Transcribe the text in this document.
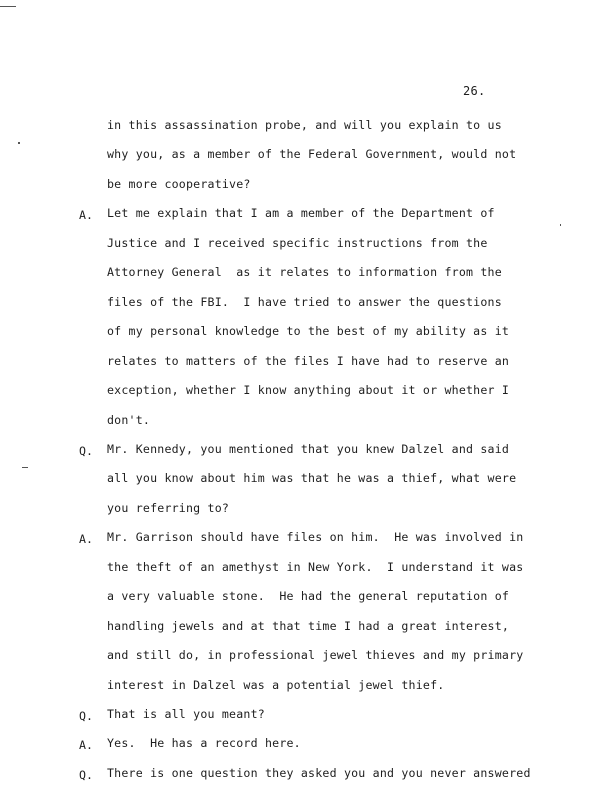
26.
in this assassination probe, and will you explain to us
why you, as a member of the Federal Government, would not
be more cooperative?
A. Let me explain that I am a member of the Department of
Justice and I received specific instructions from the
Attorney General  as it relates to information from the
files of the FBI.  I have tried to answer the questions
of my personal knowledge to the best of my ability as it
relates to matters of the files I have had to reserve an
exception, whether I know anything about it or whether I
don't.
Q. Mr. Kennedy, you mentioned that you knew Dalzel and said
all you know about him was that he was a thief, what were
you referring to?
A. Mr. Garrison should have files on him.  He was involved in
the theft of an amethyst in New York.  I understand it was
a very valuable stone.  He had the general reputation of
handling jewels and at that time I had a great interest,
and still do, in professional jewel thieves and my primary
interest in Dalzel was a potential jewel thief.
Q. That is all you meant?
A. Yes.  He has a record here.
Q. There is one question they asked you and you never answered
